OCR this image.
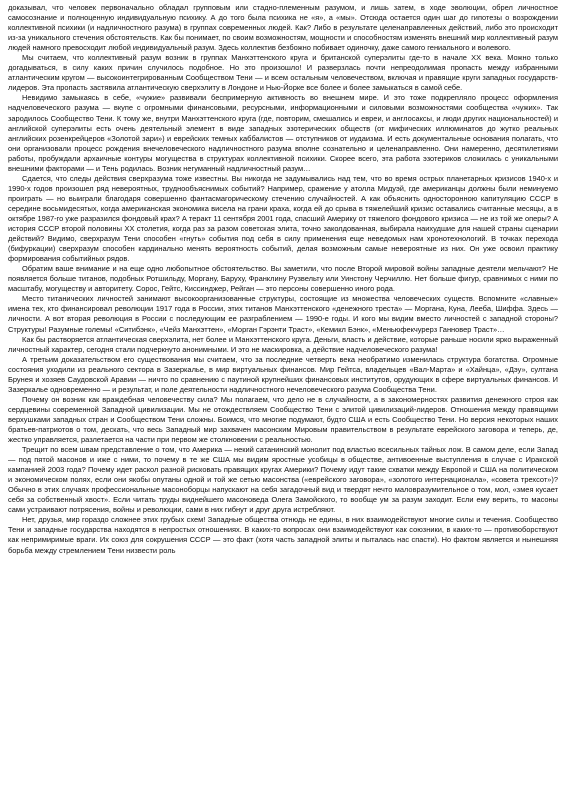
доказывал, что человек первоначально обладал групповым или стадно-племенным разумом, и лишь затем, в ходе эволюции, обрел личностное самосознание и полноценную индивидуальную психику. А до того была психика не «я», а «мы». Отсюда остается один шаг до гипотезы о возрождении коллективной психики (и надличностного разума) в группах современных людей. Как? Либо в результате целенаправленных действий, либо это происходит из-за уникального стечения обстоятельств. Как бы понимает, по своим возможностям, мощности и способностям изменять внешний мир коллективный разум людей намного превосходит любой индивидуальный разум. Здесь коллектив безбожно побивает одиночку, даже самого гениального и волевого.

Мы считаем, что коллективный разум возник в группах Манхэттенского круга и британской суперэлиты где-то в начале ХХ века. Можно только догадываться, в силу каких причин случилось подобное. Но это произошло! И разверзлась почти непреодолимая пропасть между избранными атлантическим кругом — высокоинтегрированным Сообществом Тени — и всем остальным человечеством, включая и правящие круги западных государств-лидеров. Эта пропасть застявила атлантическую сверхэлиту в Лондоне и Нью-Йорке все более и более замыкаться в самой себе.

Невидимо замыкаясь в себе, «чужие» развивали беспримерную активность во внешнем мире. И это тоже подкрепляло процесс оформления надчеловеческого разума — вкупе с огромными финансовыми, ресурсными, информационными и силовыми возможностями сообщества «чужих». Так зародилось Сообщество Тени. К тому же, внутри Манхэттенского круга (где, повторим, смешались и евреи, и англосаксы, и люди других национальностей) и английской суперэлиты есть очень деятельный элемент в виде западных эзотерических обществ (от мифических иллюминатов до жутко реальных английских розенкрейцеров «Золотой зари») и еврейских темных каббалистов — отступников от иудаизма. И есть документальные основания полагать, что они организовали процесс рождения внечеловеческого надличностного разума вполне сознательно и целенаправленно. Они намеренно, десятилетиями работы, пробуждали архаичные контуры могущества в структурах коллективной психики. Скорее всего, эта работа эзотериков сложилась с уникальными внешними факторами — и Тень родилась. Возник негуманный надличностный разум…

Сдается, что следы действия сверхразума тоже известны. Вы никогда не задумывались над тем, что во время острых планетарных кризисов 1940-х и 1990-х годов произошел ряд невероятных, труднообъяснимых событий? Например, сражение у атолла Мидуэй, где американцы должны были неминуемо проиграть — но выиграли благодаря совершенно фантасмагорическому стечению случайностей. А как объяснить односторонною капитуляцию СССР в середине восьмидесятых, когда американская экономика висела на грани краха, когда ей до срыва в тяжелейший кризис оставались считанные месяцы, а в октябре 1987-го уже разразился фондовый крах? А теракт 11 сентября 2001 года, спасший Америку от тяжелого фондового кризиса — не из той же оперы? А история СССР второй половины ХХ столетия, когда раз за разом советская элита, точно заколдованная, выбирала наихудшие для нашей страны сценарии действий? Видимо, сверхразум Тени способен «гнуть» события под себя в силу применения еще неведомых нам хронотехнологий. В точках перехода (бифуркации) сверхразум способен кардинально менять вероятность событий, делая возможным самые невероятные из них. Он уже освоил практику формирования событийных рядов.

Обратим ваше внимание и на еще одно любопытное обстоятельство. Вы заметили, что после Второй мировой войны западные деятели мельчают? Не появляется больше титанов, подобных Ротшильду, Моргану, Баруху, Франклину Рузвельту или Уинстону Черчиллю. Нет больше фигур, сравнимых с ними по масштабу, могуществу и авторитету. Сорос, Гейтс, Киссинджер, Рейган — это персоны совершенно иного рода.

Место титанических личностей занимают высокоорганизованные структуры, состоящие из множества человеческих существ. Вспомните «славные» имена тех, кто финансировал революции 1917 года в России, этих титанов Манхэттенского «денежного треста» — Моргана, Куна, Леебa, Шиффа. Здесь — личности. А вот вторая революция в России с последующим ее разграблением — 1990-е годы. И кого мы видим вместо личностей с западной стороны? Структуры! Разумные големы! «Ситибэнк», «Чейз Манхэттен», «Морган Гэрэнти Траст», «Кемикл Бэнк», «Меньюфекчурерз Ганновер Траст»…

Как бы растворяется атлантическая сверхэлита, нет более и Манхэттенского круга. Деньги, власть и действие, которые раньше носили ярко выраженный личностный характер, сегодня стали подчеркнуто анонимными. И это не маскировка, а действие надчеловеческого разума!

А третьим доказательством его существования мы считаем, что за последние четверть века необратимо изменилась структура богатства. Огромные состояния уходили из реального сектора в Зазеркалье, в мир виртуальных финансов. Мир Гейтса, владельцев «Вал-Марта» и «Хайнца», «Дэу», султана Брунея и хозяев Саудовской Аравии — ничто по сравнению с паутиной крупнейших финансовых институтов, орудующих в сфере виртуальных финансов. И Зазеркалье одновременно — и результат, и поле деятельности надличностного нечеловеческого разума Сообщества Тени.

Почему он возник как враждебная человечеству сила? Мы полагаем, что дело не в случайности, а в закономерностях развития денежного строя как сердцевины современной Западной цивилизации. Мы не отождествляем Сообщество Тени с элитой цивилизаций-лидеров. Отношения между правящими верхушками западных стран и Сообществом Тени сложны. Боимся, что многие подумают, будто США и есть Сообщество Тени. Но версия некоторых наших братьев-патриотов о том, дескать, что весь Западный мир захвачен масонским Мировым правительством в результате еврейского заговора и теперь, де, жестко управляется, разлетается на части при первом же столкновении с реальностью.

Трещит по всем швам представление о том, что Америка — некий сатанинский монолит под властью всесильных тайных лож. В самом деле, если Запад — под пятой масонов и иже с ними, то почему в те же США мы видим яростные усобицы в обществе, антивоенные выступления в случае с Иракской кампанией 2003 года? Почему идет раскол разной рисковать правящих кругах Америки? Почему идут такие схватки между Европой и США на политическом и экономическом полях, если они якобы опутаны одной и той же сетью масонства («еврейского заговора», «золотого интернационала», «совета трехсот»)? Обычно в этих случаях профессиональные масоноборцы напускают на себя загадочный вид и твердят нечто маловразумительное о том, мол, «змея кусает себя за собственный хвост». Если читать труды виднейшего масоноведа Олега Замойского, то вообще ум за разум заходит. Если ему верить, то масоны сами устраивают потрясения, войны и революции, сами в них гибнут и друг друга истребляют.

Нет, друзья, мир гораздо сложнее этих грубых схем! Западные общества отнюдь не едины, в них взаимодействуют многие силы и течения. Сообщество Тени и западные государства находятся в непростых отношениях. В каких-то вопросах они взаимодействуют как союзники, в каких-то — противоборствуют как непримиримые враги. Их союз для сокрушения СССР — это факт (хотя часть западной элиты и пыталась нас спасти). Но фактом является и нынешняя борьба между стремлением Тени низвести роль
